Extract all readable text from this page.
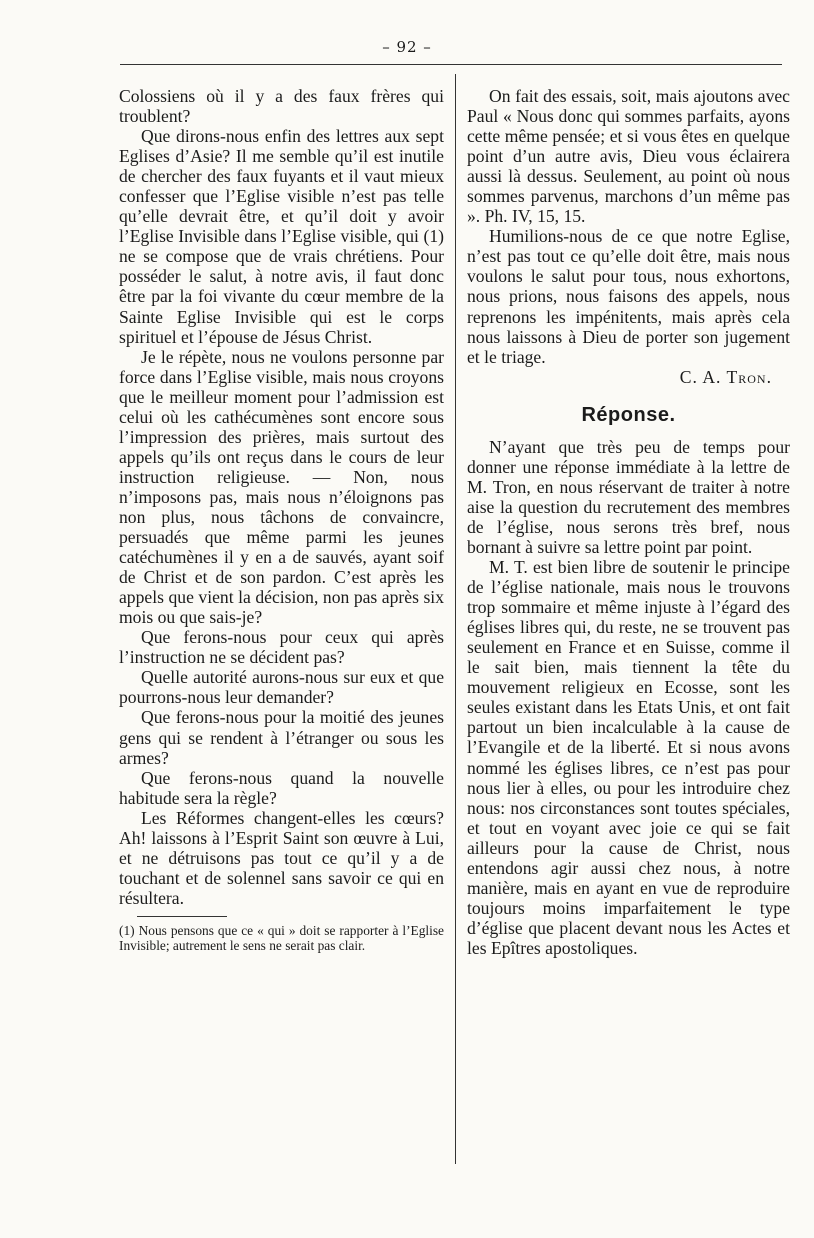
– 92 –

Colossiens où il y a des faux frères qui troublent?

Que dirons-nous enfin des lettres aux sept Eglises d’Asie? Il me semble qu’il est inutile de chercher des faux fuyants et il vaut mieux confesser que l’Eglise visible n’est pas telle qu’elle devrait être, et qu’il doit y avoir l’Eglise Invisible dans l’Eglise visible, qui (1) ne se compose que de vrais chrétiens. Pour posséder le salut, à notre avis, il faut donc être par la foi vivante du cœur membre de la Sainte Eglise Invisible qui est le corps spirituel et l’épouse de Jésus Christ.

Je le répète, nous ne voulons personne par force dans l’Eglise visible, mais nous croyons que le meilleur moment pour l’admission est celui où les cathécumènes sont encore sous l’impression des prières, mais surtout des appels qu’ils ont reçus dans le cours de leur instruction religieuse. — Non, nous n’imposons pas, mais nous n’éloignons pas non plus, nous tâchons de convaincre, persuadés que même parmi les jeunes catéchumènes il y en a de sauvés, ayant soif de Christ et de son pardon. C’est après les appels que vient la décision, non pas après six mois ou que sais-je?

Que ferons-nous pour ceux qui après l’instruction ne se décident pas?

Quelle autorité aurons-nous sur eux et que pourrons-nous leur demander?

Que ferons-nous pour la moitié des jeunes gens qui se rendent à l’étranger ou sous les armes?

Que ferons-nous quand la nouvelle habitude sera la règle?

Les Réformes changent-elles les cœurs? Ah! laissons à l’Esprit Saint son œuvre à Lui, et ne détruisons pas tout ce qu’il y a de touchant et de solennel sans savoir ce qui en résultera.

(1) Nous pensons que ce « qui » doit se rapporter à l’Eglise Invisible; autrement le sens ne serait pas clair.

On fait des essais, soit, mais ajoutons avec Paul « Nous donc qui sommes parfaits, ayons cette même pensée; et si vous êtes en quelque point d’un autre avis, Dieu vous éclairera aussi là dessus. Seulement, au point où nous sommes parvenus, marchons d’un même pas ». Ph. IV, 15, 15.

Humilions-nous de ce que notre Eglise, n’est pas tout ce qu’elle doit être, mais nous voulons le salut pour tous, nous exhortons, nous prions, nous faisons des appels, nous reprenons les impénitents, mais après cela nous laissons à Dieu de porter son jugement et le triage.

C. A. Tron.

Réponse.

N’ayant que très peu de temps pour donner une réponse immédiate à la lettre de M. Tron, en nous réservant de traiter à notre aise la question du recrutement des membres de l’église, nous serons très bref, nous bornant à suivre sa lettre point par point.

M. T. est bien libre de soutenir le principe de l’église nationale, mais nous le trouvons trop sommaire et même injuste à l’égard des églises libres qui, du reste, ne se trouvent pas seulement en France et en Suisse, comme il le sait bien, mais tiennent la tête du mouvement religieux en Ecosse, sont les seules existant dans les Etats Unis, et ont fait partout un bien incalculable à la cause de l’Evangile et de la liberté. Et si nous avons nommé les églises libres, ce n’est pas pour nous lier à elles, ou pour les introduire chez nous: nos circonstances sont toutes spéciales, et tout en voyant avec joie ce qui se fait ailleurs pour la cause de Christ, nous entendons agir aussi chez nous, à notre manière, mais en ayant en vue de reproduire toujours moins imparfaitement le type d’église que placent devant nous les Actes et les Epîtres apostoliques.
